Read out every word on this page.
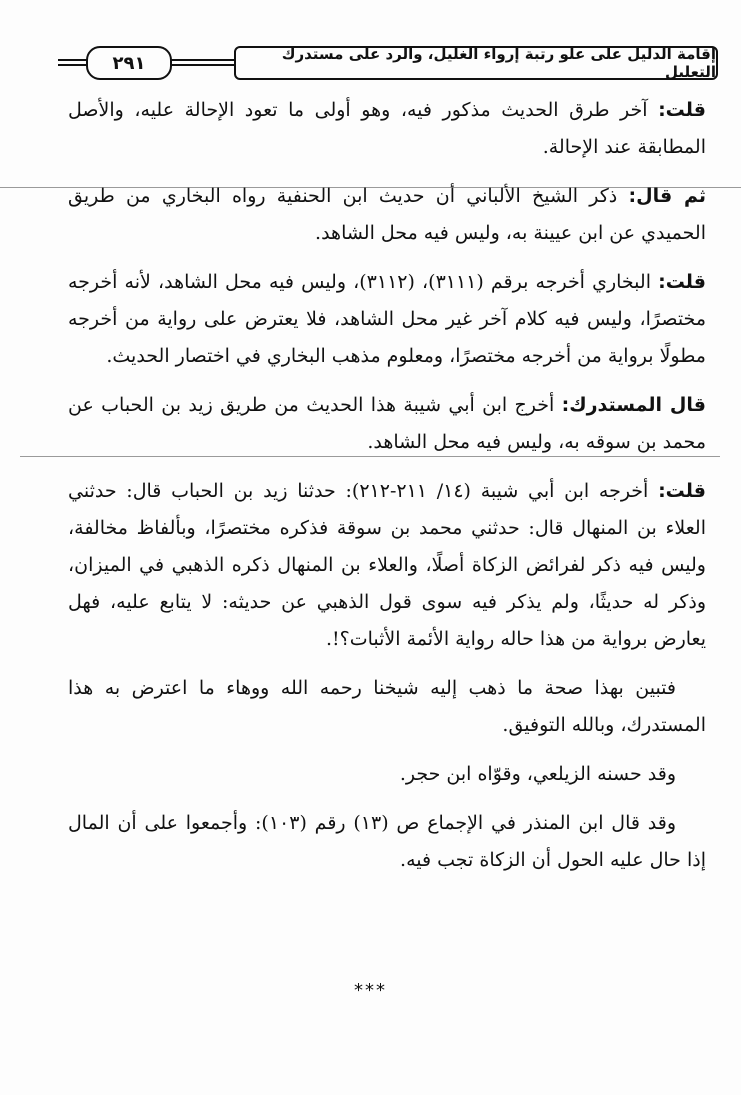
٢٩١	إقامة الدليل على علو رتبة إرواء الغليل، والرد على مستدرك التعليل

قلت: آخر طرق الحديث مذكور فيه، وهو أولى ما تعود الإحالة عليه، والأصل المطابقة عند الإحالة.

ثم قال: ذكر الشيخ الألباني أن حديث ابن الحنفية رواه البخاري من طريق الحميدي عن ابن عيينة به، وليس فيه محل الشاهد.

قلت: البخاري أخرجه برقم (٣١١١)، (٣١١٢)، وليس فيه محل الشاهد، لأنه أخرجه مختصرًا، وليس فيه كلام آخر غير محل الشاهد، فلا يعترض على رواية من أخرجه مطولًا برواية من أخرجه مختصرًا، ومعلوم مذهب البخاري في اختصار الحديث.

قال المستدرك: أخرج ابن أبي شيبة هذا الحديث من طريق زيد بن الحباب عن محمد بن سوقه به، وليس فيه محل الشاهد.

قلت: أخرجه ابن أبي شيبة (١٤/ ٢١١-٢١٢): حدثنا زيد بن الحباب قال: حدثني العلاء بن المنهال قال: حدثني محمد بن سوقة فذكره مختصرًا، وبألفاظ مخالفة، وليس فيه ذكر لفرائض الزكاة أصلًا، والعلاء بن المنهال ذكره الذهبي في الميزان، وذكر له حديثًا، ولم يذكر فيه سوى قول الذهبي عن حديثه: لا يتابع عليه، فهل يعارض برواية من هذا حاله رواية الأئمة الأثبات؟!.

فتبين بهذا صحة ما ذهب إليه شيخنا رحمه الله ووهاء ما اعترض به هذا المستدرك، وبالله التوفيق.

وقد حسنه الزيلعي، وقوّاه ابن حجر.

وقد قال ابن المنذر في الإجماع ص (١٣) رقم (١٠٣): وأجمعوا على أن المال إذا حال عليه الحول أن الزكاة تجب فيه.

***
